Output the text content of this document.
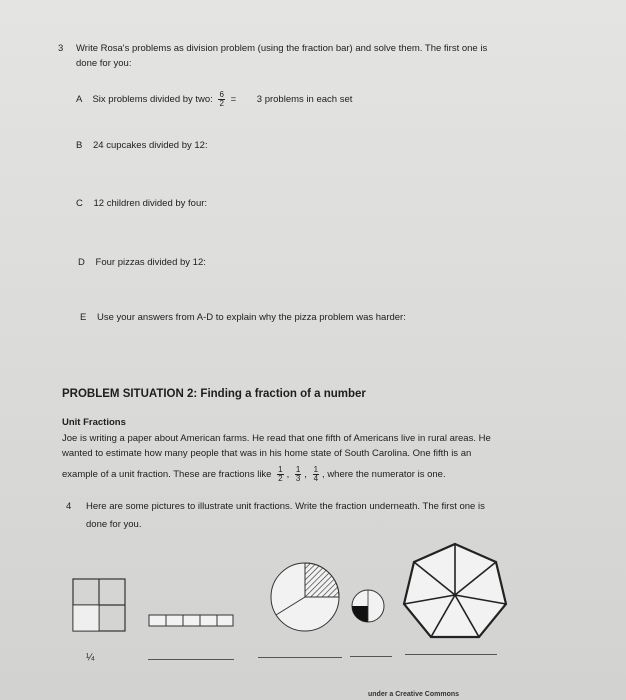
3 Write Rosa's problems as division problem (using the fraction bar) and solve them. The first one is
done for you:
A Six problems divided by two: $\frac{6}{2} = 3$ problems in each set
B 24 cupcakes divided by 12:
C 12 children divided by four:
D Four pizzas divided by 12:
E Use your answers from A-D to explain why the pizza problem was harder:
PROBLEM SITUATION 2: Finding a fraction of a number
Unit Fractions
Joe is writing a paper about American farms. He read that one fifth of Americans live in rural areas. He
wanted to estimate how many people that was in his home state of South Carolina. One fifth is an
example of a unit fraction. These are fractions like $\frac{1}{2}$ , $\frac{1}{3}$ , $\frac{1}{4}$ , where the numerator is one.
4 Here are some pictures to illustrate unit fractions. Write the fraction underneath. The first one is
done for you.
¼
under a Creative Commons
